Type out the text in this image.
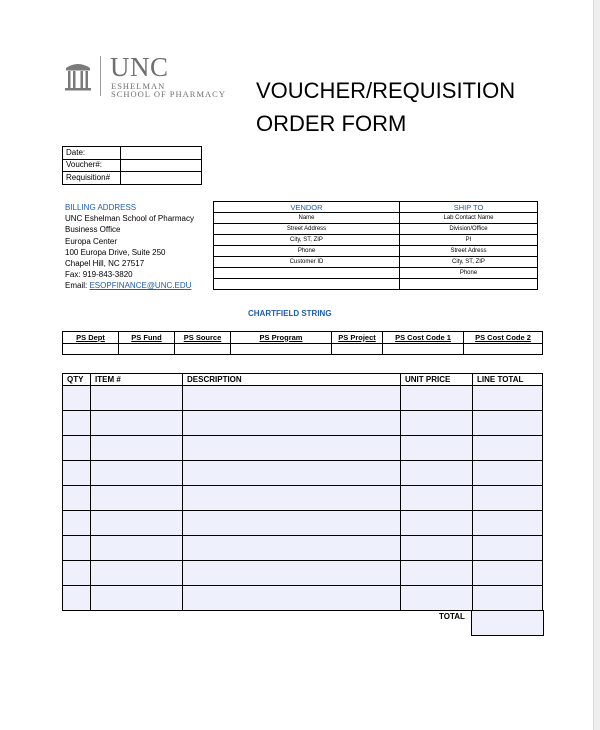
UNC
ESHELMAN
SCHOOL OF PHARMACY VOUCHER/REQUISITION
ORDER FORM
Date:	
Voucher#:	
Requisition#	
BILLING ADDRESS
UNC Eshelman School of Pharmacy
Business Office
Europa Center
100 Europa Drive, Suite 250
Chapel Hill, NC 27517
Fax: 919-843-3820
Email: ESOPFINANCE@UNC.EDU
VENDOR	SHIP TO
Name	Lab Contact Name
Street Address	Division/Office
City, ST, ZIP	PI
Phone	Street Adress
Customer ID	City, ST, ZIP
	Phone

CHARTFIELD STRING
PS Dept	PS Fund	PS Source	PS Program	PS Project	PS Cost Code 1	PS Cost Code 2

QTY	ITEM #	DESCRIPTION	UNIT PRICE	LINE TOTAL

TOTAL
